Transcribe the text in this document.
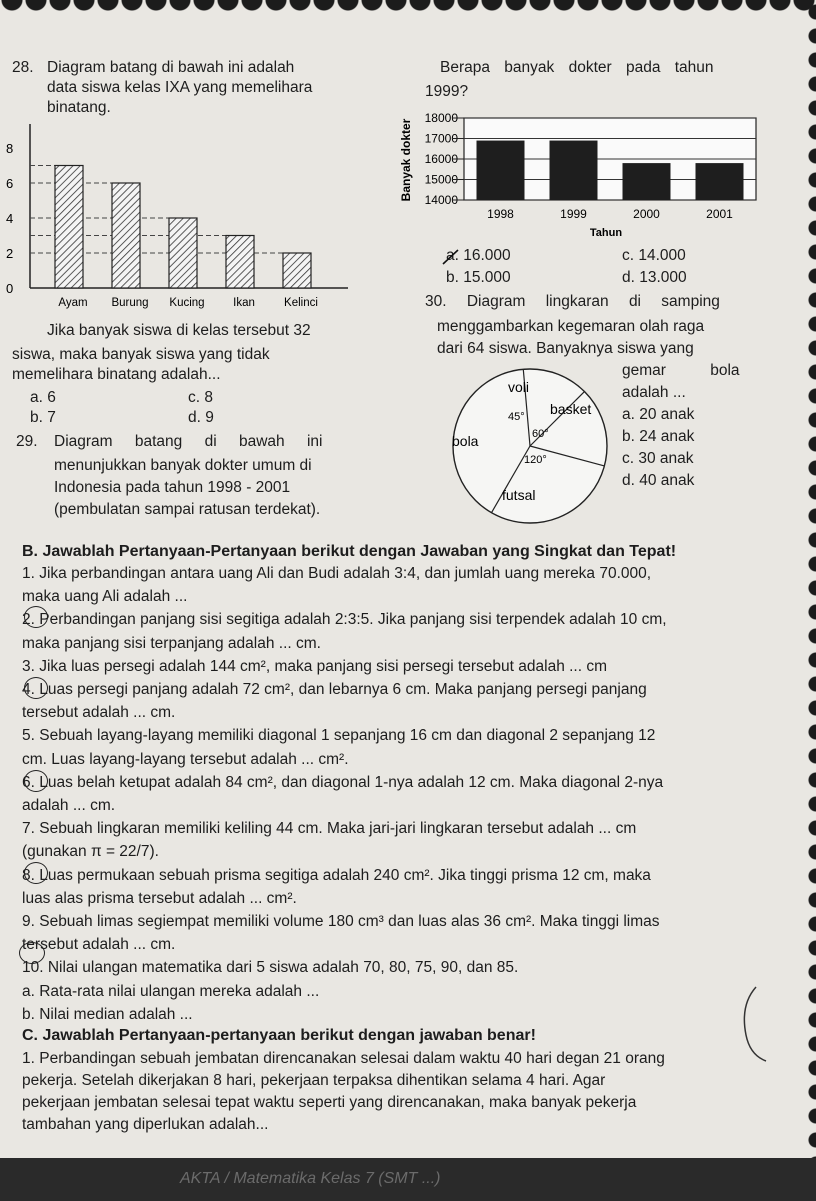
28. Diagram batang di bawah ini adalah
data siswa kelas IXA yang memelihara
binatang.
0
2
4
6
8
Ayam Burung Kucing Ikan	Kelinci
Jika banyak siswa di kelas tersebut 32
siswa, maka banyak siswa yang tidak
memelihara binatang adalah...
a. 6	c. 8
b. 7	d. 9
29. Diagram batang di bawah ini
menunjukkan banyak dokter umum di
Indonesia pada tahun 1998 - 2001
(pembulatan sampai ratusan terdekat).
Berapa banyak dokter pada tahun
1999?
14000
15000
16000
17000
18000
1998	1999	2000	2001
Banyak dokter
Tahun
a. 16.000	c. 14.000
b. 15.000	d. 13.000
30. Diagram lingkaran di samping
menggambarkan kegemaran olah raga
dari 64 siswa. Banyaknya siswa yang
gemar bola
adalah ...
a. 20 anak
b. 24 anak
c. 30 anak
d. 40 anak
voli
basket
bola
futsal
45°
60°
120°
B. Jawablah Pertanyaan-Pertanyaan berikut dengan Jawaban yang Singkat dan Tepat!
1. Jika perbandingan antara uang Ali dan Budi adalah 3:4, dan jumlah uang mereka 70.000,
maka uang Ali adalah ...
2. Perbandingan panjang sisi segitiga adalah 2:3:5. Jika panjang sisi terpendek adalah 10 cm,
maka panjang sisi terpanjang adalah ... cm.
3. Jika luas persegi adalah 144 cm², maka panjang sisi persegi tersebut adalah ... cm
4. Luas persegi panjang adalah 72 cm², dan lebarnya 6 cm. Maka panjang persegi panjang
tersebut adalah ... cm.
5. Sebuah layang-layang memiliki diagonal 1 sepanjang 16 cm dan diagonal 2 sepanjang 12
cm. Luas layang-layang tersebut adalah ... cm².
6. Luas belah ketupat adalah 84 cm², dan diagonal 1-nya adalah 12 cm. Maka diagonal 2-nya
adalah ... cm.
7. Sebuah lingkaran memiliki keliling 44 cm. Maka jari-jari lingkaran tersebut adalah ... cm
(gunakan π = 22/7).
8. Luas permukaan sebuah prisma segitiga adalah 240 cm². Jika tinggi prisma 12 cm, maka
luas alas prisma tersebut adalah ... cm².
9. Sebuah limas segiempat memiliki volume 180 cm³ dan luas alas 36 cm². Maka tinggi limas
tersebut adalah ... cm.
10. Nilai ulangan matematika dari 5 siswa adalah 70, 80, 75, 90, dan 85.
a. Rata-rata nilai ulangan mereka adalah ...
b. Nilai median adalah ...
C. Jawablah Pertanyaan-pertanyaan berikut dengan jawaban benar!
1. Perbandingan sebuah jembatan direncanakan selesai dalam waktu 40 hari degan 21 orang
pekerja. Setelah dikerjakan 8 hari, pekerjaan terpaksa dihentikan selama 4 hari. Agar
pekerjaan jembatan selesai tepat waktu seperti yang direncanakan, maka banyak pekerja
tambahan yang diperlukan adalah...
AKTA / Matematika Kelas 7 (SMT ...)
